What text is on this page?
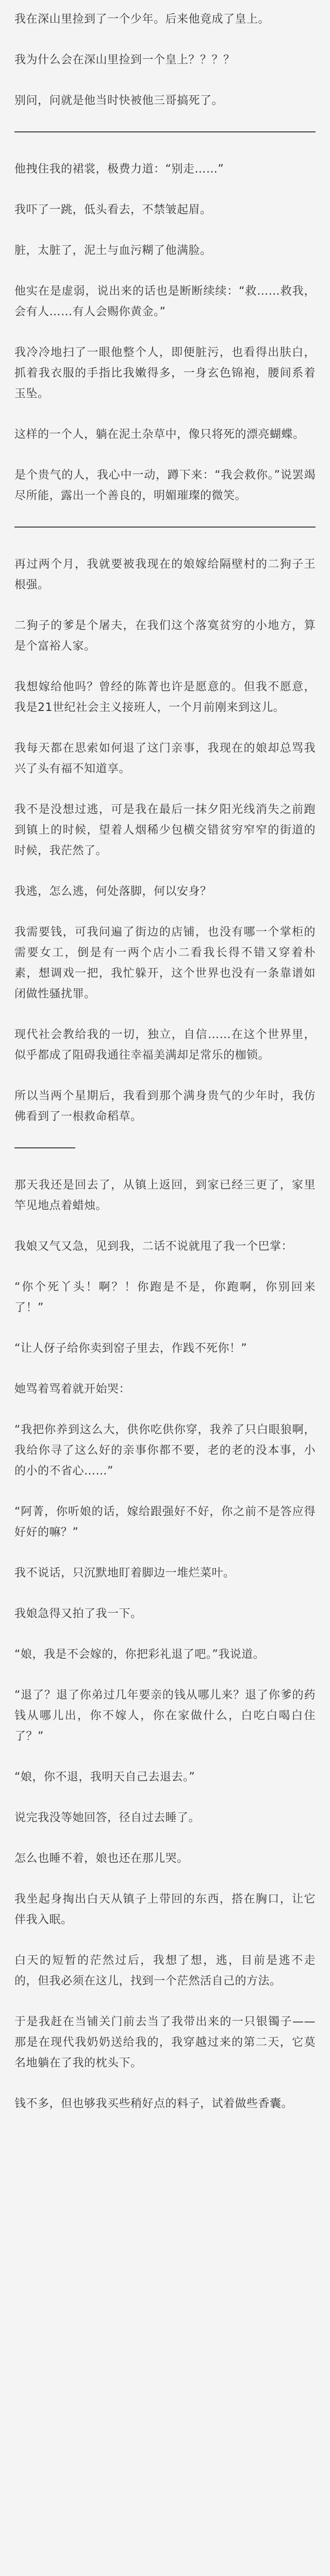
我在深山里捡到了一个少年。后来他竟成了皇上。

我为什么会在深山里捡到一个皇上？？？？

别问，问就是他当时快被他三哥搞死了。

他拽住我的裙裳，极费力道：“别走……”

我吓了一跳，低头看去，不禁皱起眉。

脏，太脏了，泥土与血污糊了他满脸。

他实在是虚弱，说出来的话也是断断续续：“救……救我，会有人……有人会赐你黄金。”

我冷冷地扫了一眼他整个人，即便脏污，也看得出肤白，抓着我衣服的手指比我嫩得多，一身玄色锦袍，腰间系着玉坠。

这样的一个人，躺在泥土杂草中，像只将死的漂亮蝴蝶。

是个贵气的人，我心中一动，蹲下来：“我会救你。”说罢竭尽所能，露出一个善良的，明媚璀璨的微笑。

再过两个月，我就要被我现在的娘嫁给隔壁村的二狗子王根强。

二狗子的爹是个屠夫，在我们这个落寞贫穷的小地方，算是个富裕人家。

我想嫁给他吗？曾经的陈菁也许是愿意的。但我不愿意，我是21世纪社会主义接班人，一个月前刚来到这儿。

我每天都在思索如何退了这门亲事，我现在的娘却总骂我兴了头有福不知道享。

我不是没想过逃，可是我在最后一抹夕阳光线消失之前跑到镇上的时候，望着人烟稀少包横交错贫穷窄窄的街道的时候，我茫然了。

我逃，怎么逃，何处落脚，何以安身？

我需要钱，可我问遍了街边的店铺，也没有哪一个掌柜的需要女工，倒是有一两个店小二看我长得不错又穿着朴素，想调戏一把，我忙躲开，这个世界也没有一条靠谱如闭做性骚扰罪。

现代社会教给我的一切，独立，自信……在这个世界里，似乎都成了阻碍我通往幸福美满却足常乐的枷锁。

所以当两个星期后，我看到那个满身贵气的少年时，我仿佛看到了一根救命稻草。

那天我还是回去了，从镇上返回，到家已经三更了，家里竿见地点着蜡烛。

我娘又气又急，见到我，二话不说就甩了我一个巴掌：

“你个死丫头！啊？！你跑是不是，你跑啊，你别回来了！”

“让人伢子给你卖到窑子里去，作践不死你！”

她骂着骂着就开始哭：

“我把你养到这么大，供你吃供你穿，我养了只白眼狼啊，我给你寻了这么好的亲事你都不要，老的老的没本事，小的小的不省心……”

“阿菁，你听娘的话，嫁给跟强好不好，你之前不是答应得好好的嘛？”

我不说话，只沉默地盯着脚边一堆烂菜叶。

我娘急得又拍了我一下。

“娘，我是不会嫁的，你把彩礼退了吧。”我说道。

“退了？退了你弟过几年要亲的钱从哪儿来？退了你爹的药钱从哪儿出，你不嫁人，你在家做什么，白吃白喝白住了？”

“娘，你不退，我明天自己去退去。”

说完我没等她回答，径自过去睡了。

怎么也睡不着，娘也还在那儿哭。

我坐起身掏出白天从镇子上带回的东西，搭在胸口，让它伴我入眠。

白天的短暂的茫然过后，我想了想，逃，目前是逃不走的，但我必须在这儿，找到一个茫然活自己的方法。

于是我赶在当铺关门前去当了我带出来的一只银镯子——那是在现代我奶奶送给我的，我穿越过来的第二天，它莫名地躺在了我的枕头下。

钱不多，但也够我买些稍好点的料子，试着做些香囊。
